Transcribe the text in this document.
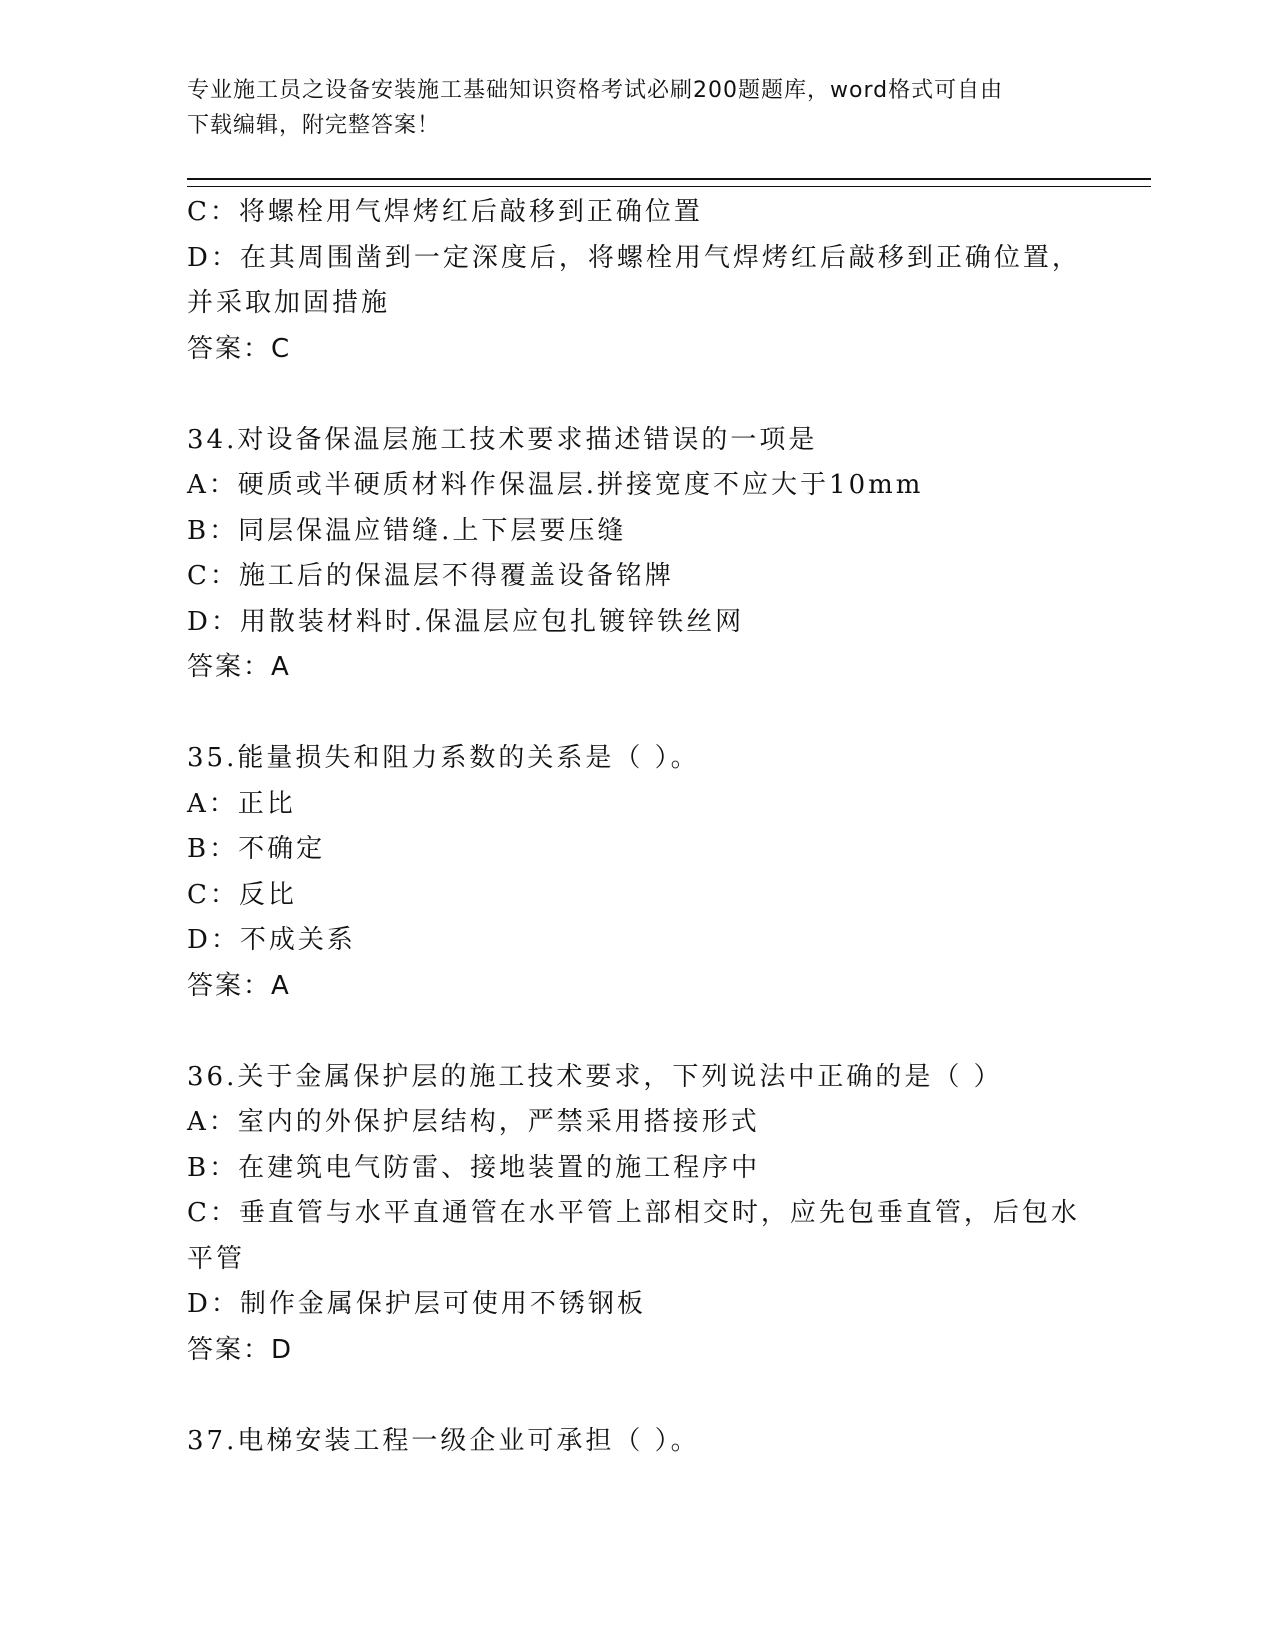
专业施工员之设备安装施工基础知识资格考试必刷200题题库，word格式可自由
下载编辑，附完整答案！
C：将螺栓用气焊烤红后敲移到正确位置
D：在其周围凿到一定深度后，将螺栓用气焊烤红后敲移到正确位置，
并采取加固措施
答案：C
34.对设备保温层施工技术要求描述错误的一项是
A：硬质或半硬质材料作保温层.拼接宽度不应大于10mm
B：同层保温应错缝.上下层要压缝
C：施工后的保温层不得覆盖设备铭牌
D：用散装材料时.保温层应包扎镀锌铁丝网
答案：A
35.能量损失和阻力系数的关系是（ ）。
A：正比
B：不确定
C：反比
D：不成关系
答案：A
36.关于金属保护层的施工技术要求，下列说法中正确的是（ ）
A：室内的外保护层结构，严禁采用搭接形式
B：在建筑电气防雷、接地装置的施工程序中
C：垂直管与水平直通管在水平管上部相交时，应先包垂直管，后包水
平管
D：制作金属保护层可使用不锈钢板
答案：D
37.电梯安装工程一级企业可承担（ ）。
